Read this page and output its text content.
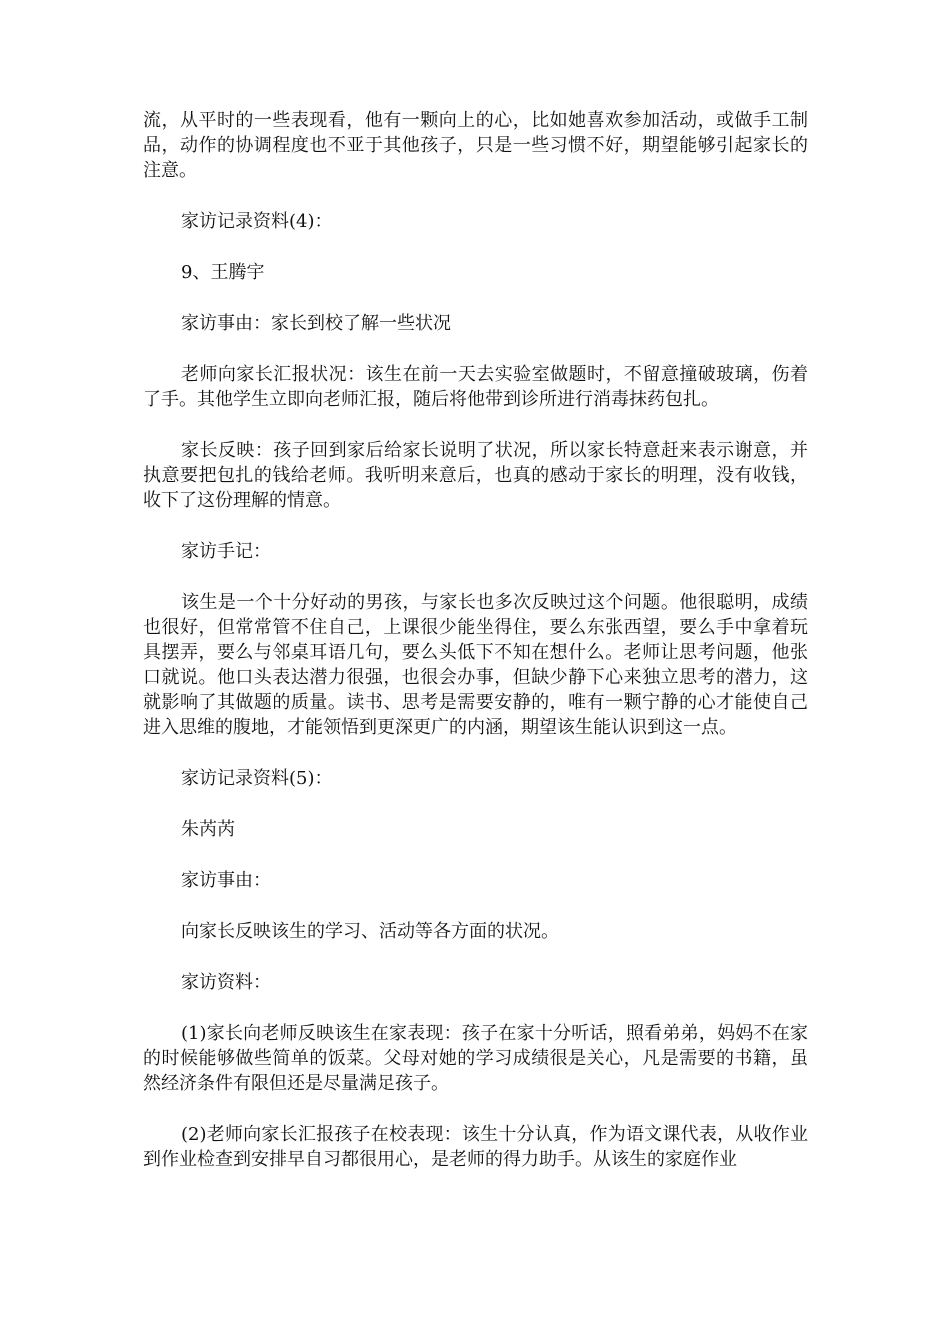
流，从平时的一些表现看，他有一颗向上的心，比如她喜欢参加活动，或做手工制品，动作的协调程度也不亚于其他孩子，只是一些习惯不好，期望能够引起家长的注意。

家访记录资料(4)：

9、王腾宇

家访事由：家长到校了解一些状况

老师向家长汇报状况：该生在前一天去实验室做题时，不留意撞破玻璃，伤着了手。其他学生立即向老师汇报，随后将他带到诊所进行消毒抹药包扎。

家长反映：孩子回到家后给家长说明了状况，所以家长特意赶来表示谢意，并执意要把包扎的钱给老师。我听明来意后，也真的感动于家长的明理，没有收钱，收下了这份理解的情意。

家访手记：

该生是一个十分好动的男孩，与家长也多次反映过这个问题。他很聪明，成绩也很好，但常常管不住自己，上课很少能坐得住，要么东张西望，要么手中拿着玩具摆弄，要么与邻桌耳语几句，要么头低下不知在想什么。老师让思考问题，他张口就说。他口头表达潜力很强，也很会办事，但缺少静下心来独立思考的潜力，这就影响了其做题的质量。读书、思考是需要安静的，唯有一颗宁静的心才能使自己进入思维的腹地，才能领悟到更深更广的内涵，期望该生能认识到这一点。

家访记录资料(5)：

朱芮芮

家访事由：

向家长反映该生的学习、活动等各方面的状况。

家访资料：

(1)家长向老师反映该生在家表现：孩子在家十分听话，照看弟弟，妈妈不在家的时候能够做些简单的饭菜。父母对她的学习成绩很是关心，凡是需要的书籍，虽然经济条件有限但还是尽量满足孩子。

(2)老师向家长汇报孩子在校表现：该生十分认真，作为语文课代表，从收作业到作业检查到安排早自习都很用心，是老师的得力助手。从该生的家庭作业
